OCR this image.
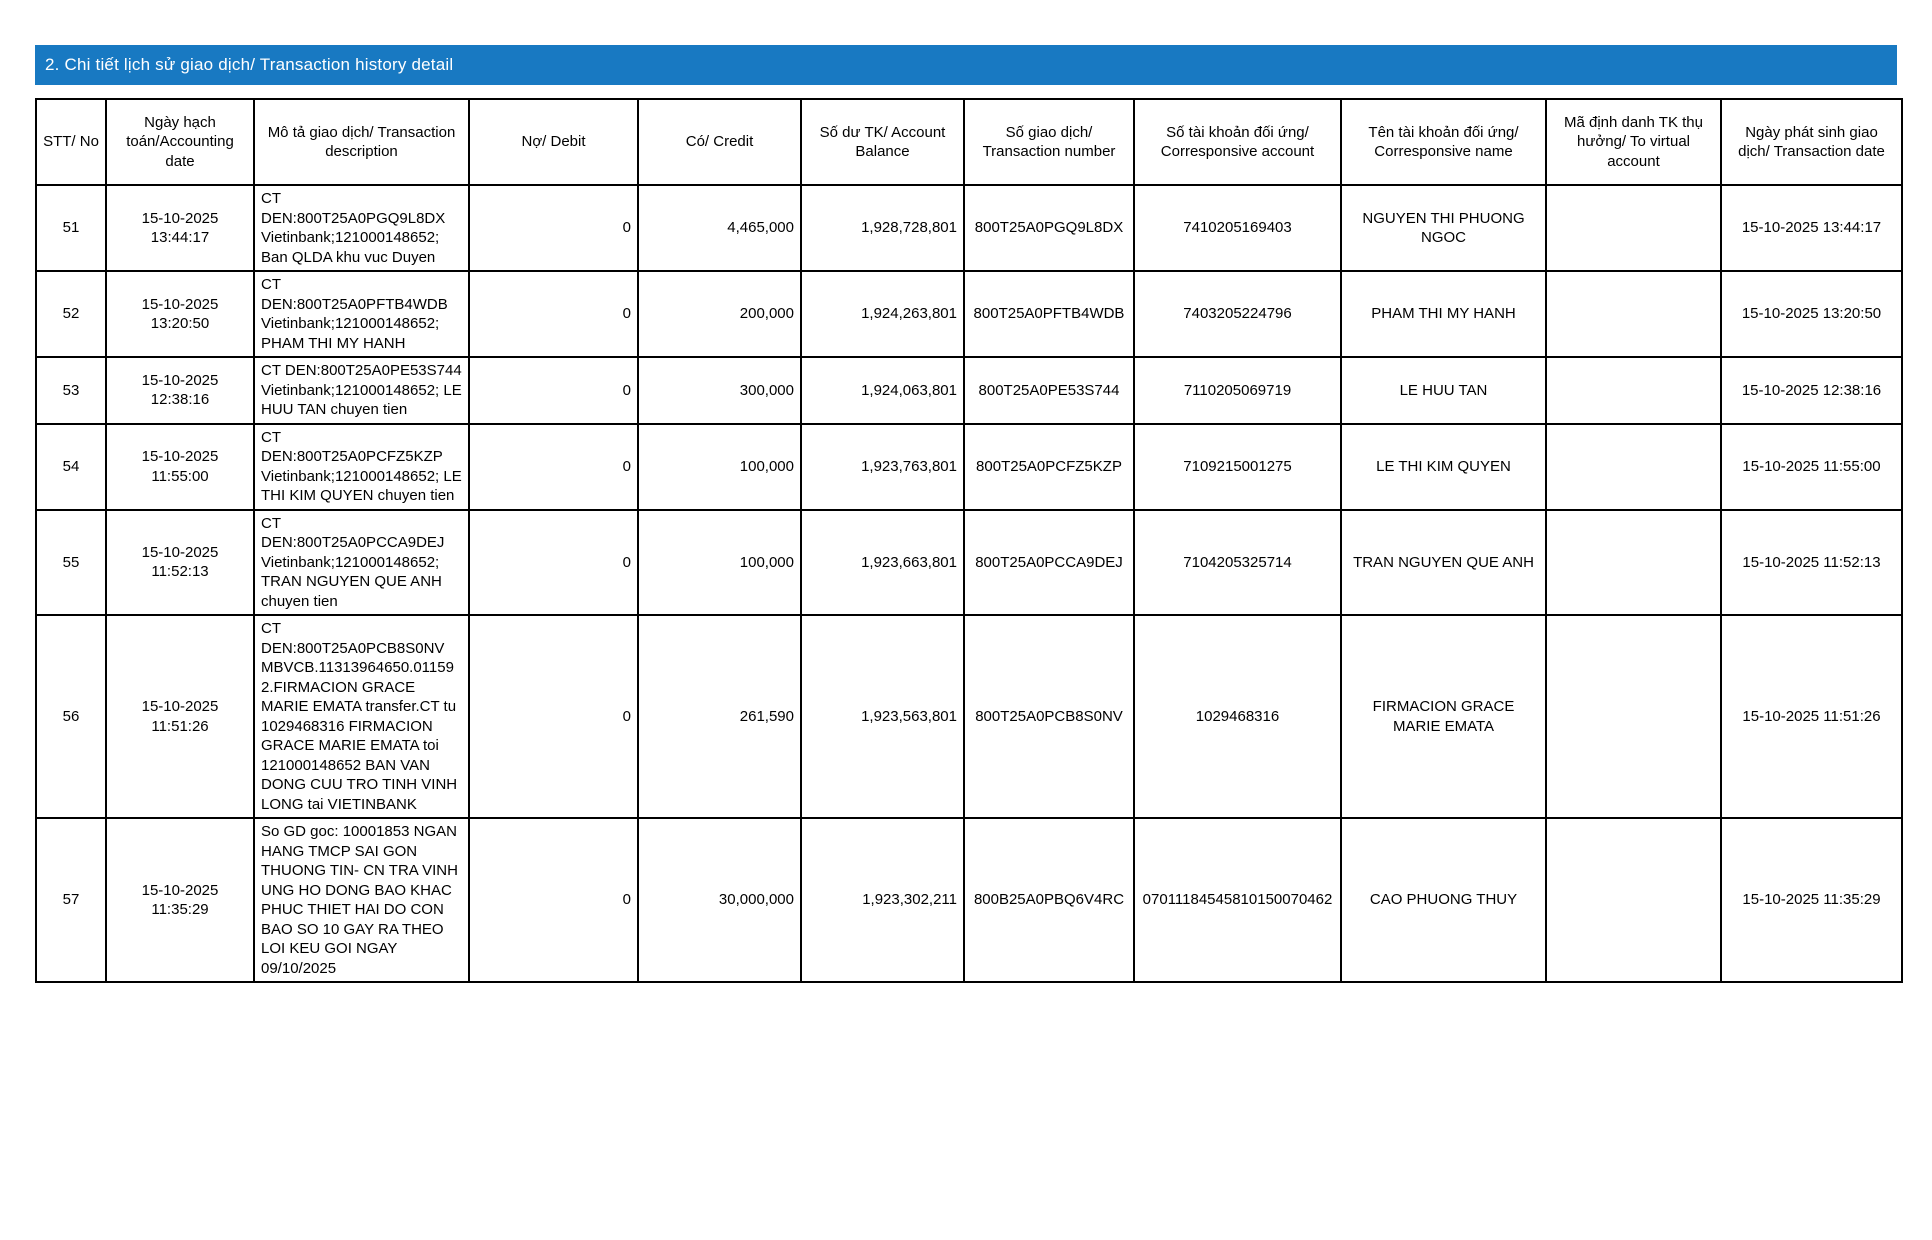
2. Chi tiết lịch sử giao dịch/ Transaction history detail
STT/ No	Ngày hạch toán/Accounting date	Mô tả giao dịch/ Transaction description	Nợ/ Debit	Có/ Credit	Số dư TK/ Account Balance	Số giao dịch/ Transaction number	Số tài khoản đối ứng/ Corresponsive account	Tên tài khoản đối ứng/ Corresponsive name	Mã định danh TK thụ hưởng/ To virtual account	Ngày phát sinh giao dịch/ Transaction date
51	15-10-2025 13:44:17	CT DEN:800T25A0PGQ9L8DX Vietinbank;121000148652; Ban QLDA khu vuc Duyen	0	4,465,000	1,928,728,801	800T25A0PGQ9L8DX	7410205169403	NGUYEN THI PHUONG NGOC		15-10-2025 13:44:17
52	15-10-2025 13:20:50	CT DEN:800T25A0PFTB4WDB Vietinbank;121000148652; PHAM THI MY HANH	0	200,000	1,924,263,801	800T25A0PFTB4WDB	7403205224796	PHAM THI MY HANH		15-10-2025 13:20:50
53	15-10-2025 12:38:16	CT DEN:800T25A0PE53S744 Vietinbank;121000148652; LE HUU TAN chuyen tien	0	300,000	1,924,063,801	800T25A0PE53S744	7110205069719	LE HUU TAN		15-10-2025 12:38:16
54	15-10-2025 11:55:00	CT DEN:800T25A0PCFZ5KZP Vietinbank;121000148652; LE THI KIM QUYEN chuyen tien	0	100,000	1,923,763,801	800T25A0PCFZ5KZP	7109215001275	LE THI KIM QUYEN		15-10-2025 11:55:00
55	15-10-2025 11:52:13	CT DEN:800T25A0PCCA9DEJ Vietinbank;121000148652; TRAN NGUYEN QUE ANH chuyen tien	0	100,000	1,923,663,801	800T25A0PCCA9DEJ	7104205325714	TRAN NGUYEN QUE ANH		15-10-2025 11:52:13
56	15-10-2025 11:51:26	CT DEN:800T25A0PCB8S0NV MBVCB.11313964650.011592.FIRMACION GRACE MARIE EMATA transfer.CT tu 1029468316 FIRMACION GRACE MARIE EMATA toi 121000148652 BAN VAN DONG CUU TRO TINH VINH LONG tai VIETINBANK	0	261,590	1,923,563,801	800T25A0PCB8S0NV	1029468316	FIRMACION GRACE MARIE EMATA		15-10-2025 11:51:26
57	15-10-2025 11:35:29	So GD goc: 10001853 NGAN HANG TMCP SAI GON THUONG TIN- CN TRA VINH UNG HO DONG BAO KHAC PHUC THIET HAI DO CON BAO SO 10 GAY RA THEO LOI KEU GOI NGAY 09/10/2025	0	30,000,000	1,923,302,211	800B25A0PBQ6V4RC	07011184545810150070462	CAO PHUONG THUY		15-10-2025 11:35:29
